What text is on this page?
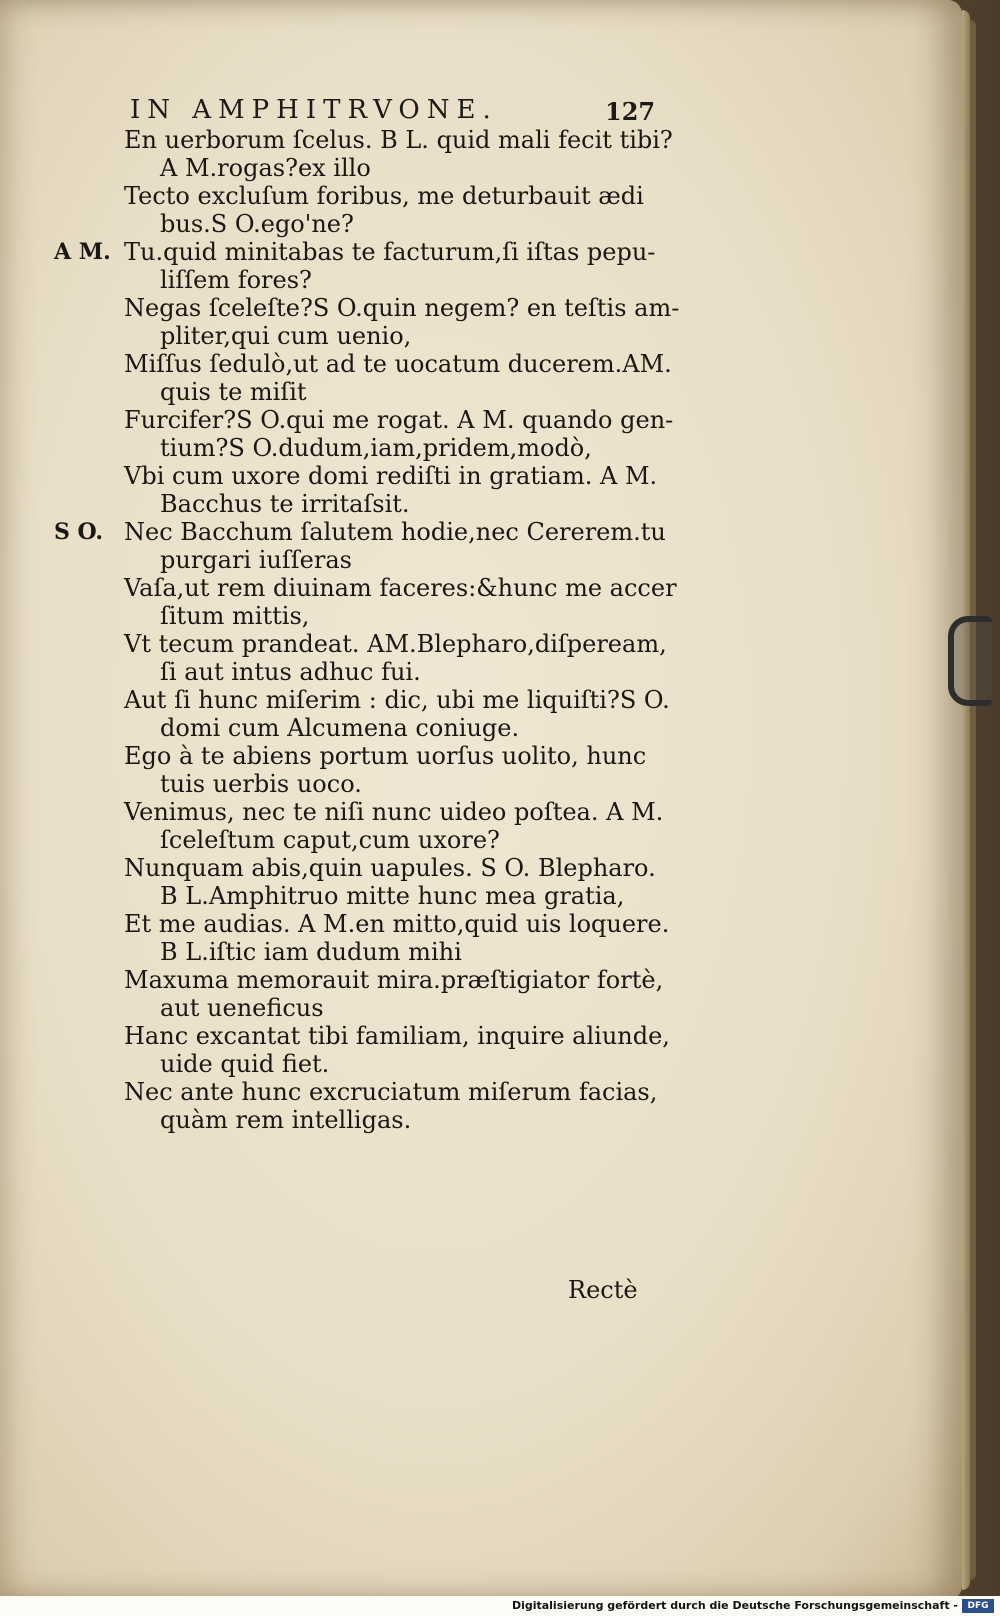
IN AMPHITRVONE.	127
En uerborum ſcelus. B L. quid mali fecit tibi?
A M.rogas?ex illo
Tecto excluſum foribus, me deturbauit ædi
bus.S O.ego'ne?
A M. Tu.quid minitabas te facturum,ſi iſtas pepu-
liſſem fores?
Negas ſceleſte?S O.quin negem? en teſtis am-
pliter,qui cum uenio,
Miſſus ſedulò,ut ad te uocatum ducerem.AM.
quis te miſit
Furcifer?S O.qui me rogat. A M. quando gen-
tium?S O.dudum,iam,pridem,modò,
Vbi cum uxore domi rediſti in gratiam. A M.
Bacchus te irritaſsit.
S O. Nec Bacchum ſalutem hodie,nec Cererem.tu
purgari iuſſeras
Vaſa,ut rem diuinam faceres:&hunc me accer
ſitum mittis,
Vt tecum prandeat. AM.Blepharo,diſpeream,
ſi aut intus adhuc fui.
Aut ſi hunc miſerim : dic, ubi me liquiſti?S O.
domi cum Alcumena coniuge.
Ego à te abiens portum uorſus uolito, hunc
tuis uerbis uoco.
Venimus, nec te niſi nunc uideo poſtea. A M.
ſceleſtum caput,cum uxore?
Nunquam abis,quin uapules. S O. Blepharo.
B L.Amphitruo mitte hunc mea gratia,
Et me audias. A M.en mitto,quid uis loquere.
B L.iſtic iam dudum mihi
Maxuma memorauit mira.præſtigiator fortè,
aut ueneficus
Hanc excantat tibi familiam, inquire aliunde,
uide quid fiet.
Nec ante hunc excruciatum miſerum facias,
quàm rem intelligas.
Rectè
Digitalisierung gefördert durch die Deutsche Forschungsgemeinschaft -	DFG
